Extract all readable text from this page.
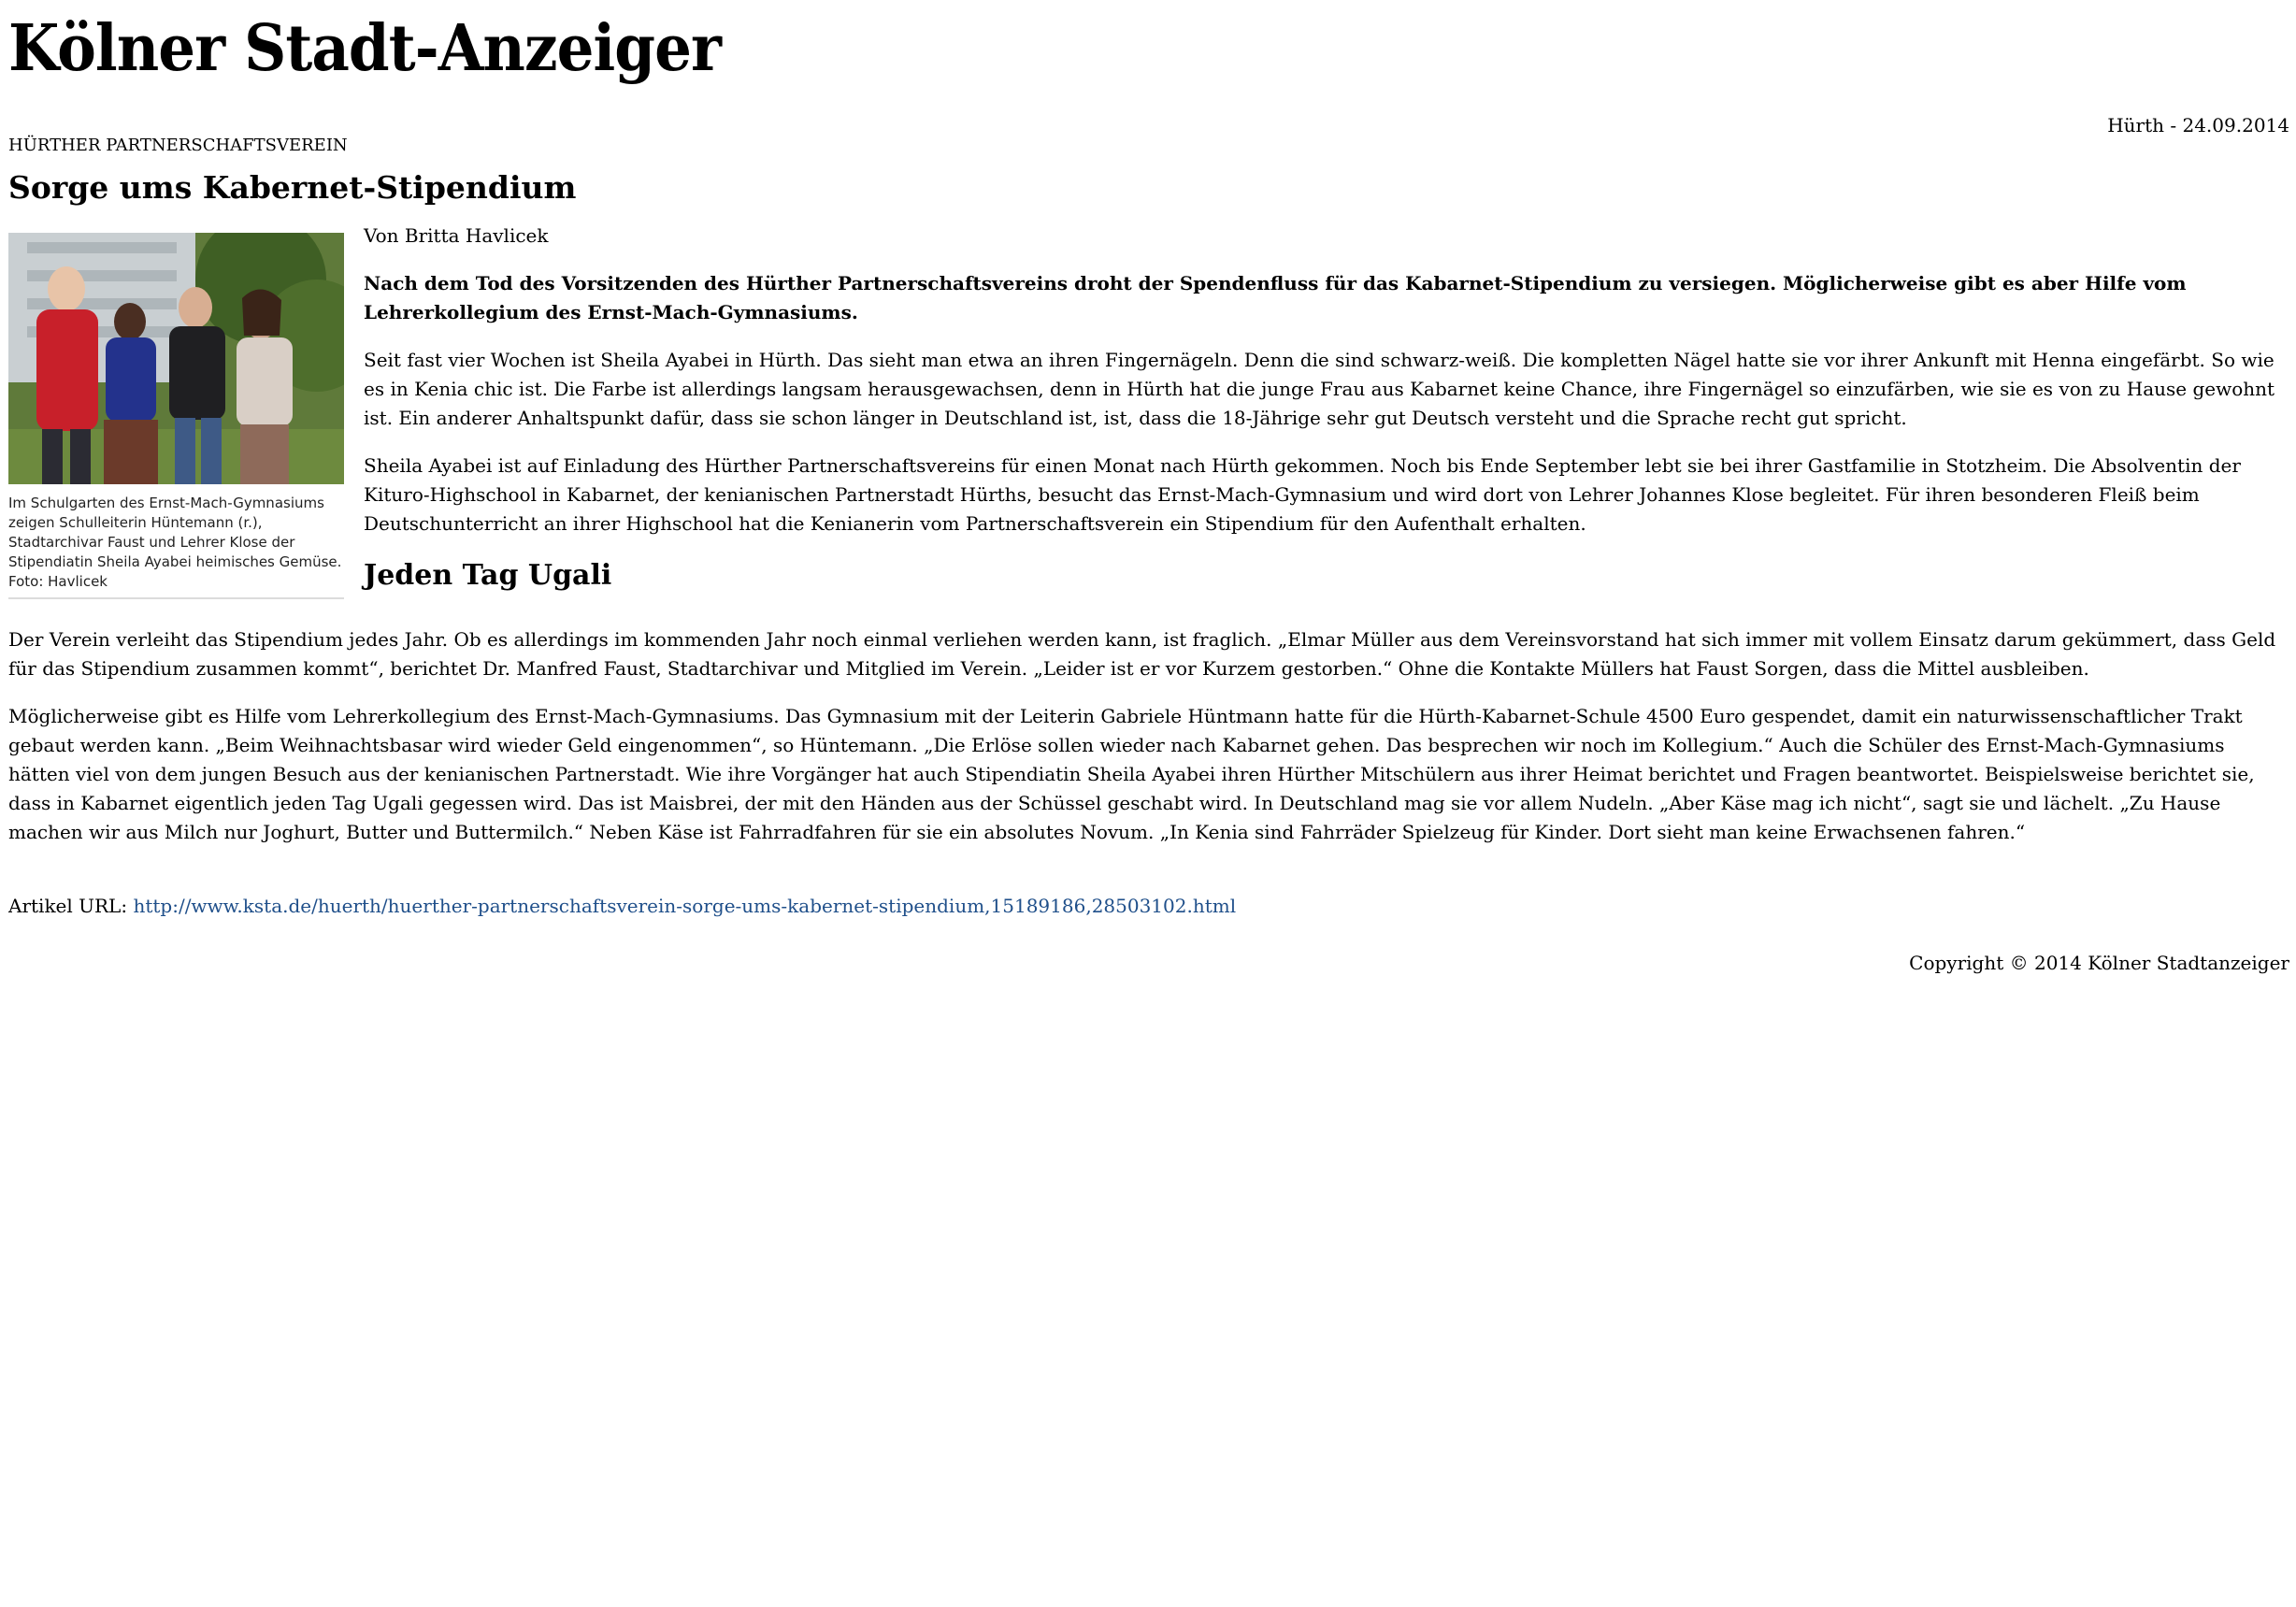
Kölner Stadt-Anzeiger
Hürth - 24.09.2014
HÜRTHER PARTNERSCHAFTSVEREIN
Sorge ums Kabernet-Stipendium
Im Schulgarten des Ernst-Mach-Gymnasiums zeigen Schulleiterin Hüntemann (r.), Stadtarchivar Faust und Lehrer Klose der Stipendiatin Sheila Ayabei heimisches Gemüse. Foto: Havlicek

Von Britta Havlicek

Nach dem Tod des Vorsitzenden des Hürther Partnerschaftsvereins droht der Spendenfluss für das Kabarnet-Stipendium zu versiegen. Möglicherweise gibt es aber Hilfe vom Lehrerkollegium des Ernst-Mach-Gymnasiums.

Seit fast vier Wochen ist Sheila Ayabei in Hürth. Das sieht man etwa an ihren Fingernägeln. Denn die sind schwarz-weiß. Die kompletten Nägel hatte sie vor ihrer Ankunft mit Henna eingefärbt. So wie es in Kenia chic ist. Die Farbe ist allerdings langsam herausgewachsen, denn in Hürth hat die junge Frau aus Kabarnet keine Chance, ihre Fingernägel so einzufärben, wie sie es von zu Hause gewohnt ist. Ein anderer Anhaltspunkt dafür, dass sie schon länger in Deutschland ist, ist, dass die 18-Jährige sehr gut Deutsch versteht und die Sprache recht gut spricht.

Sheila Ayabei ist auf Einladung des Hürther Partnerschaftsvereins für einen Monat nach Hürth gekommen. Noch bis Ende September lebt sie bei ihrer Gastfamilie in Stotzheim. Die Absolventin der Kituro-Highschool in Kabarnet, der kenianischen Partnerstadt Hürths, besucht das Ernst-Mach-Gymnasium und wird dort von Lehrer Johannes Klose begleitet. Für ihren besonderen Fleiß beim Deutschunterricht an ihrer Highschool hat die Kenianerin vom Partnerschaftsverein ein Stipendium für den Aufenthalt erhalten.

Jeden Tag Ugali

Der Verein verleiht das Stipendium jedes Jahr. Ob es allerdings im kommenden Jahr noch einmal verliehen werden kann, ist fraglich. „Elmar Müller aus dem Vereinsvorstand hat sich immer mit vollem Einsatz darum gekümmert, dass Geld für das Stipendium zusammen kommt“, berichtet Dr. Manfred Faust, Stadtarchivar und Mitglied im Verein. „Leider ist er vor Kurzem gestorben.“ Ohne die Kontakte Müllers hat Faust Sorgen, dass die Mittel ausbleiben.

Möglicherweise gibt es Hilfe vom Lehrerkollegium des Ernst-Mach-Gymnasiums. Das Gymnasium mit der Leiterin Gabriele Hüntmann hatte für die Hürth-Kabarnet-Schule 4500 Euro gespendet, damit ein naturwissenschaftlicher Trakt gebaut werden kann. „Beim Weihnachtsbasar wird wieder Geld eingenommen“, so Hüntemann. „Die Erlöse sollen wieder nach Kabarnet gehen. Das besprechen wir noch im Kollegium.“ Auch die Schüler des Ernst-Mach-Gymnasiums hätten viel von dem jungen Besuch aus der kenianischen Partnerstadt. Wie ihre Vorgänger hat auch Stipendiatin Sheila Ayabei ihren Hürther Mitschülern aus ihrer Heimat berichtet und Fragen beantwortet. Beispielsweise berichtet sie, dass in Kabarnet eigentlich jeden Tag Ugali gegessen wird. Das ist Maisbrei, der mit den Händen aus der Schüssel geschabt wird. In Deutschland mag sie vor allem Nudeln. „Aber Käse mag ich nicht“, sagt sie und lächelt. „Zu Hause machen wir aus Milch nur Joghurt, Butter und Buttermilch.“ Neben Käse ist Fahrradfahren für sie ein absolutes Novum. „In Kenia sind Fahrräder Spielzeug für Kinder. Dort sieht man keine Erwachsenen fahren.“

Artikel URL: http://www.ksta.de/huerth/huerther-partnerschaftsverein-sorge-ums-kabernet-stipendium,15189186,28503102.html
Copyright © 2014 Kölner Stadtanzeiger
